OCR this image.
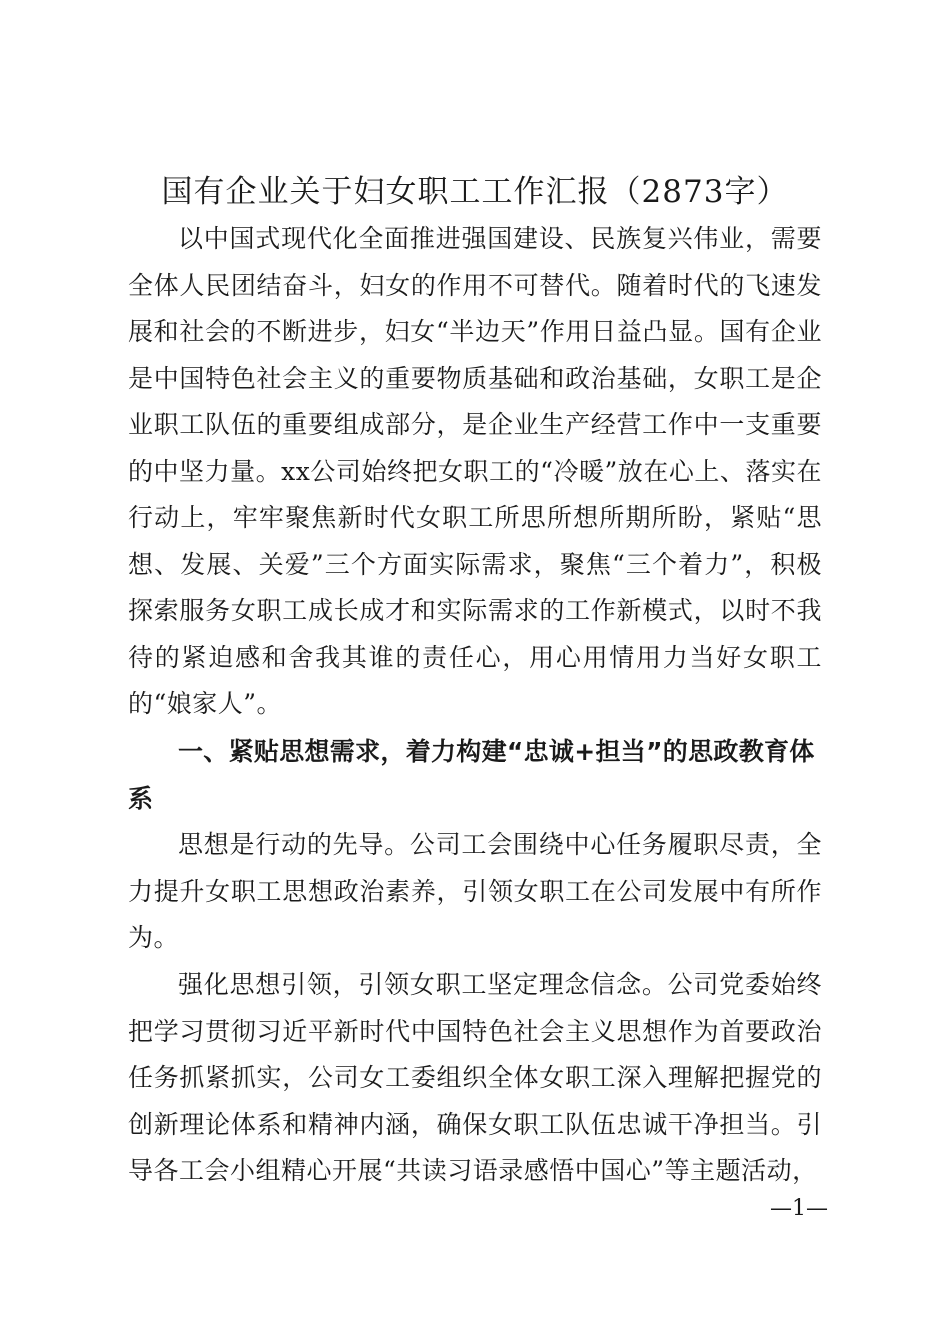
国有企业关于妇女职工工作汇报（2873字）

以中国式现代化全面推进强国建设、民族复兴伟业，需要全体人民团结奋斗，妇女的作用不可替代。随着时代的飞速发展和社会的不断进步，妇女“半边天”作用日益凸显。国有企业是中国特色社会主义的重要物质基础和政治基础，女职工是企业职工队伍的重要组成部分，是企业生产经营工作中一支重要的中坚力量。xx公司始终把女职工的“冷暖”放在心上、落实在行动上，牢牢聚焦新时代女职工所思所想所期所盼，紧贴“思想、发展、关爱”三个方面实际需求，聚焦“三个着力”，积极探索服务女职工成长成才和实际需求的工作新模式，以时不我待的紧迫感和舍我其谁的责任心，用心用情用力当好女职工的“娘家人”。

一、紧贴思想需求，着力构建“忠诚+担当”的思政教育体系

思想是行动的先导。公司工会围绕中心任务履职尽责，全力提升女职工思想政治素养，引领女职工在公司发展中有所作为。

强化思想引领，引领女职工坚定理念信念。公司党委始终把学习贯彻习近平新时代中国特色社会主义思想作为首要政治任务抓紧抓实，公司女工委组织全体女职工深入理解把握党的创新理论体系和精神内涵，确保女职工队伍忠诚干净担当。引导各工会小组精心开展“共读习语录感悟中国心”等主题活动，

—1—
